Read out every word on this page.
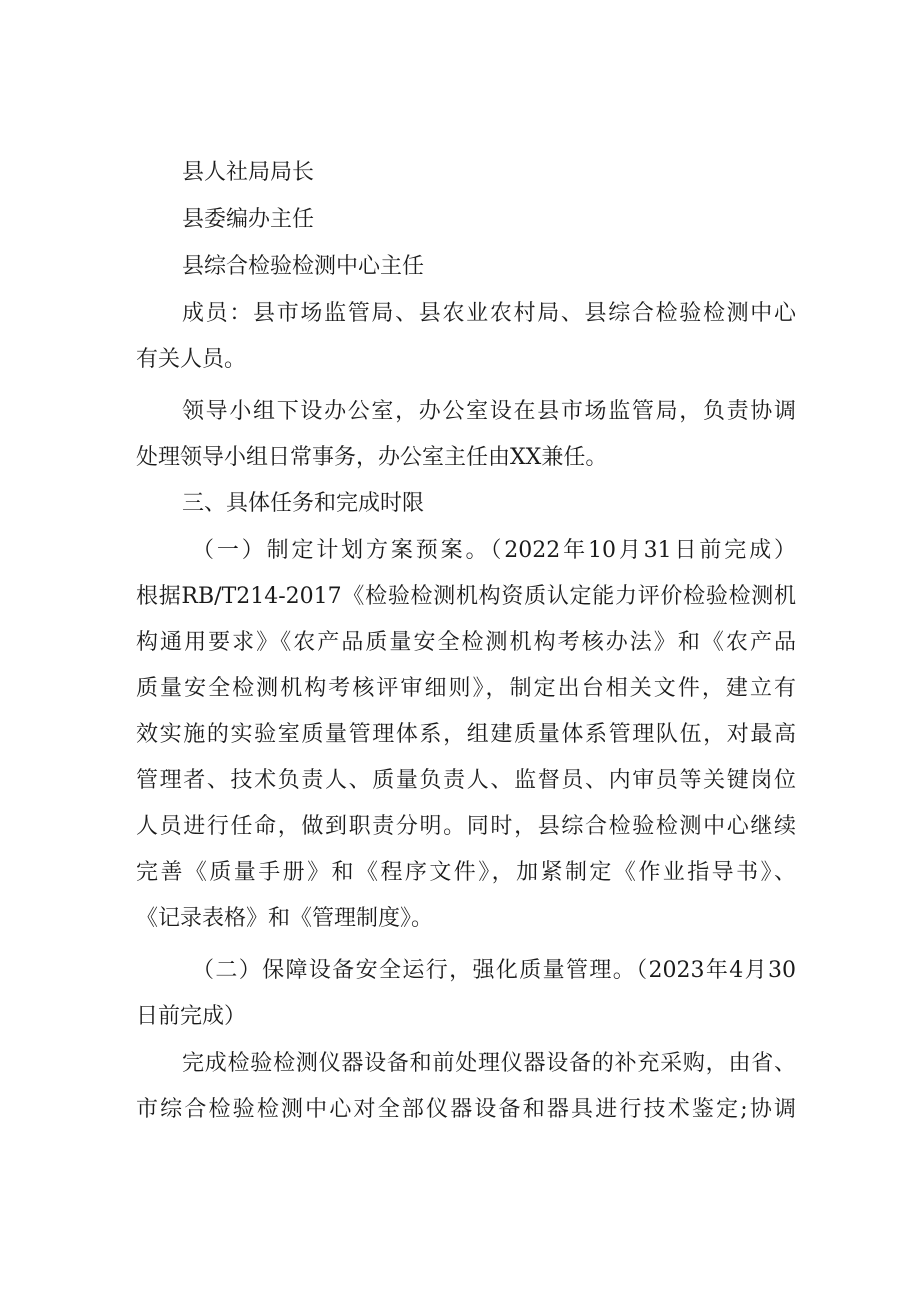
县人社局局长
县委编办主任
县综合检验检测中心主任
成员：县市场监管局、县农业农村局、县综合检验检测中心
有关人员。
领导小组下设办公室，办公室设在县市场监管局，负责协调
处理领导小组日常事务，办公室主任由XX兼任。
三、具体任务和完成时限
（一）制定计划方案预案。（2022年10月31日前完成）
根据RB/T214-2017《检验检测机构资质认定能力评价检验检测机
构通用要求》《农产品质量安全检测机构考核办法》和《农产品
质量安全检测机构考核评审细则》，制定出台相关文件，建立有
效实施的实验室质量管理体系，组建质量体系管理队伍，对最高
管理者、技术负责人、质量负责人、监督员、内审员等关键岗位
人员进行任命，做到职责分明。同时，县综合检验检测中心继续
完善《质量手册》和《程序文件》，加紧制定《作业指导书》、
《记录表格》和《管理制度》。
（二）保障设备安全运行，强化质量管理。（2023年4月30
日前完成）
完成检验检测仪器设备和前处理仪器设备的补充采购，由省、
市综合检验检测中心对全部仪器设备和器具进行技术鉴定;协调
